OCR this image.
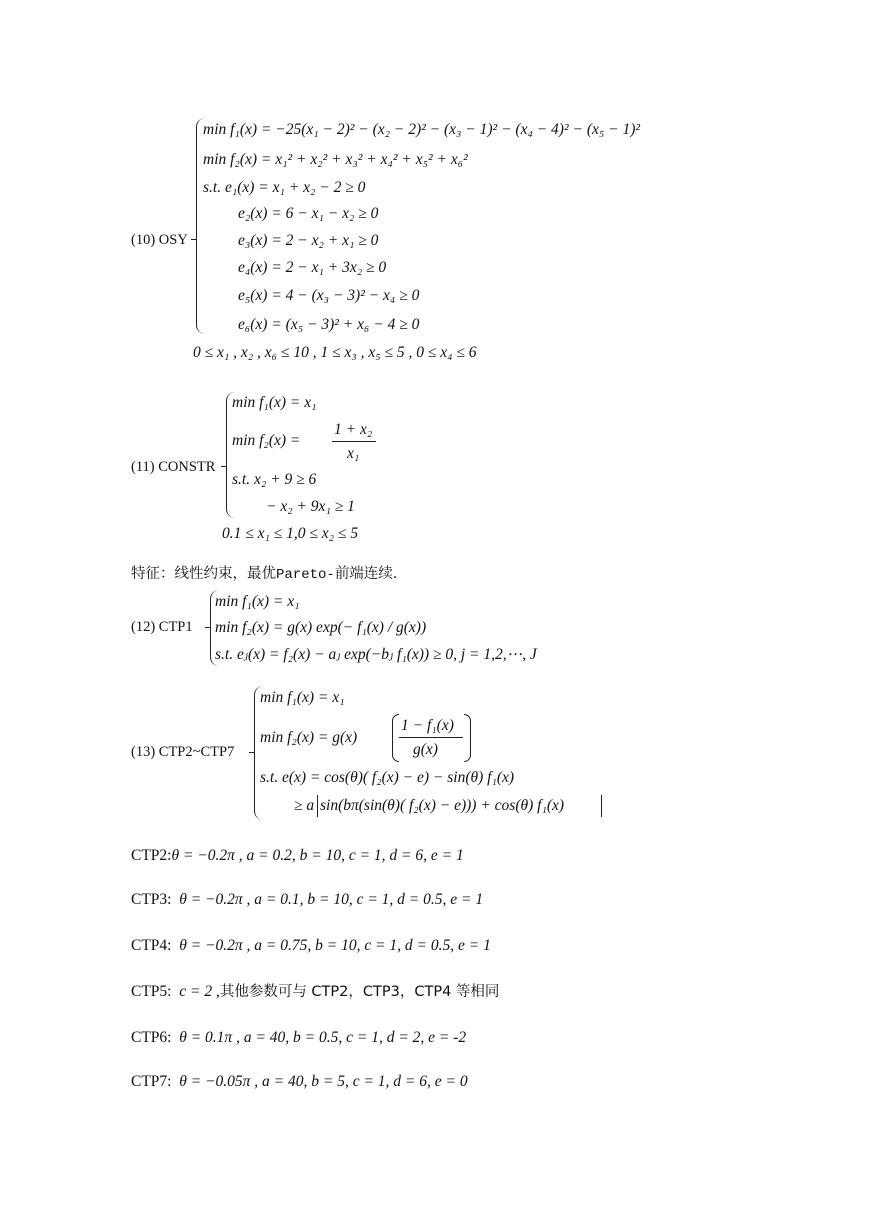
(10) OSY
min f₁(x) = −25(x₁ − 2)² − (x₂ − 2)² − (x₃ − 1)² − (x₄ − 4)² − (x₅ − 1)²
min f₂(x) = x₁² + x₂² + x₃² + x₄² + x₅² + x₆²
s.t. e₁(x) = x₁ + x₂ − 2 ≥ 0
e₂(x) = 6 − x₁ − x₂ ≥ 0
e₃(x) = 2 − x₂ + x₁ ≥ 0
e₄(x) = 2 − x₁ + 3x₂ ≥ 0
e₅(x) = 4 − (x₃ − 3)² − x₄ ≥ 0
e₆(x) = (x₅ − 3)² + x₆ − 4 ≥ 0
0 ≤ x₁ , x₂ , x₆ ≤ 10 , 1 ≤ x₃ , x₅ ≤ 5 , 0 ≤ x₄ ≤ 6
(11) CONSTR
min f₁(x) = x₁
min f₂(x) =
1 + x₂
x₁
s.t. x₂ + 9 ≥ 6
− x₂ + 9x₁ ≥ 1
0.1 ≤ x₁ ≤ 1,0 ≤ x₂ ≤ 5
特征：线性约束，最优Pareto-前端连续.
(12) CTP1
min f₁(x) = x₁
min f₂(x) = g(x) exp(− f₁(x) / g(x))
s.t. eⱼ(x) = f₂(x) − aⱼ exp(−bⱼ f₁(x)) ≥ 0, j = 1,2,⋯, J
(13) CTP2~CTP7
min f₁(x) = x₁
min f₂(x) = g(x)
1 − f₁(x)
g(x)
s.t. e(x) = cos(θ)( f₂(x) − e) − sin(θ) f₁(x)
≥ a sin(bπ(sin(θ)( f₂(x) − e))) + cos(θ) f₁(x)
CTP2:θ = −0.2π , a = 0.2, b = 10, c = 1, d = 6, e = 1
CTP3: θ = −0.2π , a = 0.1, b = 10, c = 1, d = 0.5, e = 1
CTP4: θ = −0.2π , a = 0.75, b = 10, c = 1, d = 0.5, e = 1
CTP5: c = 2 ,其他参数可与 CTP2，CTP3，CTP4 等相同
CTP6: θ = 0.1π , a = 40, b = 0.5, c = 1, d = 2, e = -2
CTP7: θ = −0.05π , a = 40, b = 5, c = 1, d = 6, e = 0
